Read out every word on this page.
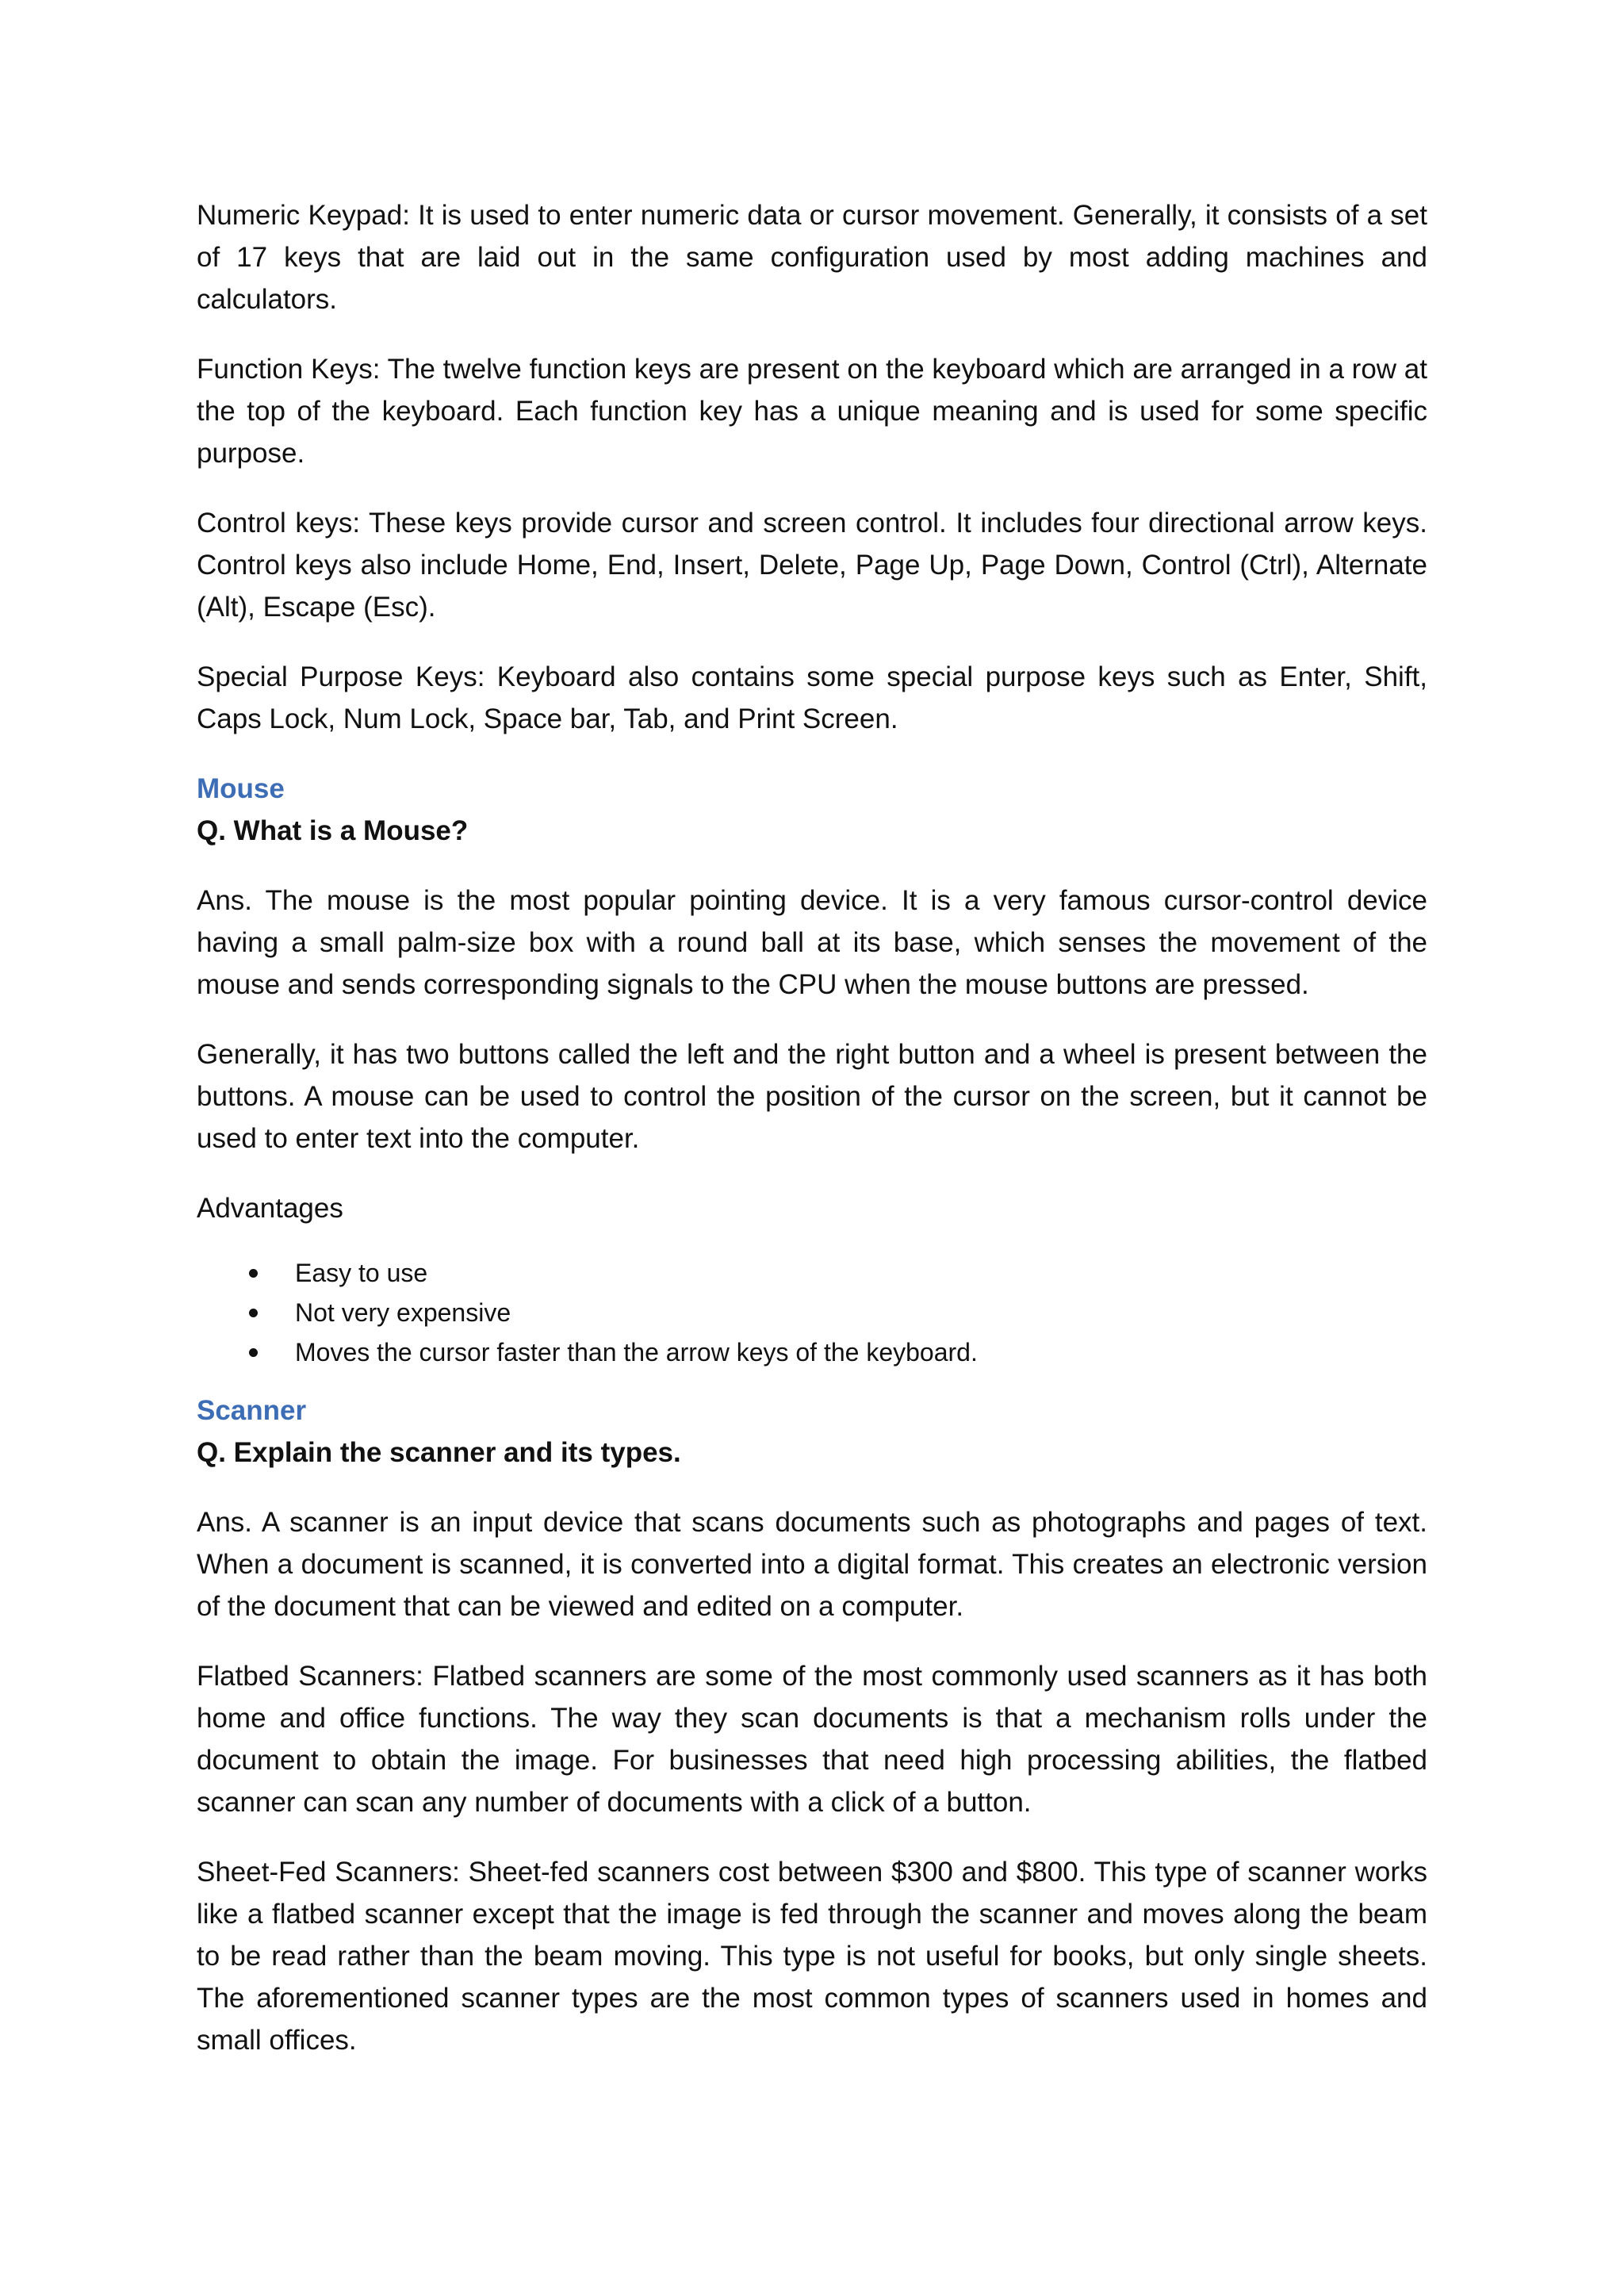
Numeric Keypad: It is used to enter numeric data or cursor movement. Generally, it consists of a set of 17 keys that are laid out in the same configuration used by most adding machines and calculators.

Function Keys: The twelve function keys are present on the keyboard which are arranged in a row at the top of the keyboard. Each function key has a unique meaning and is used for some specific purpose.

Control keys: These keys provide cursor and screen control. It includes four directional arrow keys. Control keys also include Home, End, Insert, Delete, Page Up, Page Down, Control (Ctrl), Alternate (Alt), Escape (Esc).

Special Purpose Keys: Keyboard also contains some special purpose keys such as Enter, Shift, Caps Lock, Num Lock, Space bar, Tab, and Print Screen.

Mouse

Q. What is a Mouse?

Ans. The mouse is the most popular pointing device. It is a very famous cursor-control device having a small palm-size box with a round ball at its base, which senses the movement of the mouse and sends corresponding signals to the CPU when the mouse buttons are pressed.

Generally, it has two buttons called the left and the right button and a wheel is present between the buttons. A mouse can be used to control the position of the cursor on the screen, but it cannot be used to enter text into the computer.

Advantages

Easy to use
Not very expensive
Moves the cursor faster than the arrow keys of the keyboard.
Scanner

Q. Explain the scanner and its types.

Ans. A scanner is an input device that scans documents such as photographs and pages of text. When a document is scanned, it is converted into a digital format. This creates an electronic version of the document that can be viewed and edited on a computer.

Flatbed Scanners: Flatbed scanners are some of the most commonly used scanners as it has both home and office functions. The way they scan documents is that a mechanism rolls under the document to obtain the image. For businesses that need high processing abilities, the flatbed scanner can scan any number of documents with a click of a button.

Sheet-Fed Scanners: Sheet-fed scanners cost between $300 and $800. This type of scanner works like a flatbed scanner except that the image is fed through the scanner and moves along the beam to be read rather than the beam moving. This type is not useful for books, but only single sheets. The aforementioned scanner types are the most common types of scanners used in homes and small offices.
